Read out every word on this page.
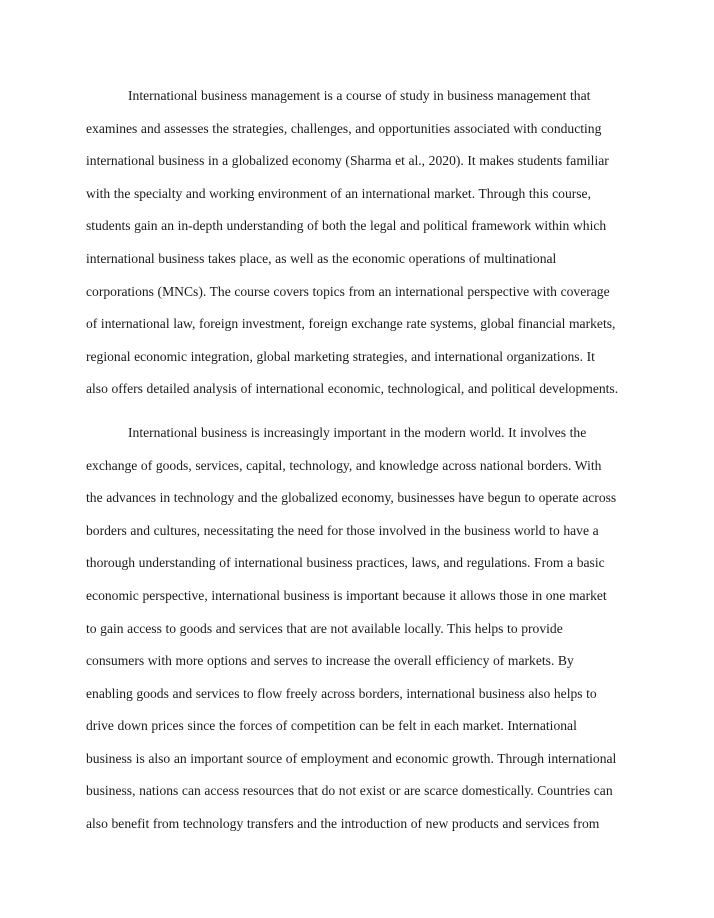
International business management is a course of study in business management that
examines and assesses the strategies, challenges, and opportunities associated with conducting
international business in a globalized economy (Sharma et al., 2020). It makes students familiar
with the specialty and working environment of an international market. Through this course,
students gain an in-depth understanding of both the legal and political framework within which
international business takes place, as well as the economic operations of multinational
corporations (MNCs). The course covers topics from an international perspective with coverage
of international law, foreign investment, foreign exchange rate systems, global financial markets,
regional economic integration, global marketing strategies, and international organizations. It
also offers detailed analysis of international economic, technological, and political developments.

International business is increasingly important in the modern world. It involves the
exchange of goods, services, capital, technology, and knowledge across national borders. With
the advances in technology and the globalized economy, businesses have begun to operate across
borders and cultures, necessitating the need for those involved in the business world to have a
thorough understanding of international business practices, laws, and regulations. From a basic
economic perspective, international business is important because it allows those in one market
to gain access to goods and services that are not available locally. This helps to provide
consumers with more options and serves to increase the overall efficiency of markets. By
enabling goods and services to flow freely across borders, international business also helps to
drive down prices since the forces of competition can be felt in each market. International
business is also an important source of employment and economic growth. Through international
business, nations can access resources that do not exist or are scarce domestically. Countries can
also benefit from technology transfers and the introduction of new products and services from
